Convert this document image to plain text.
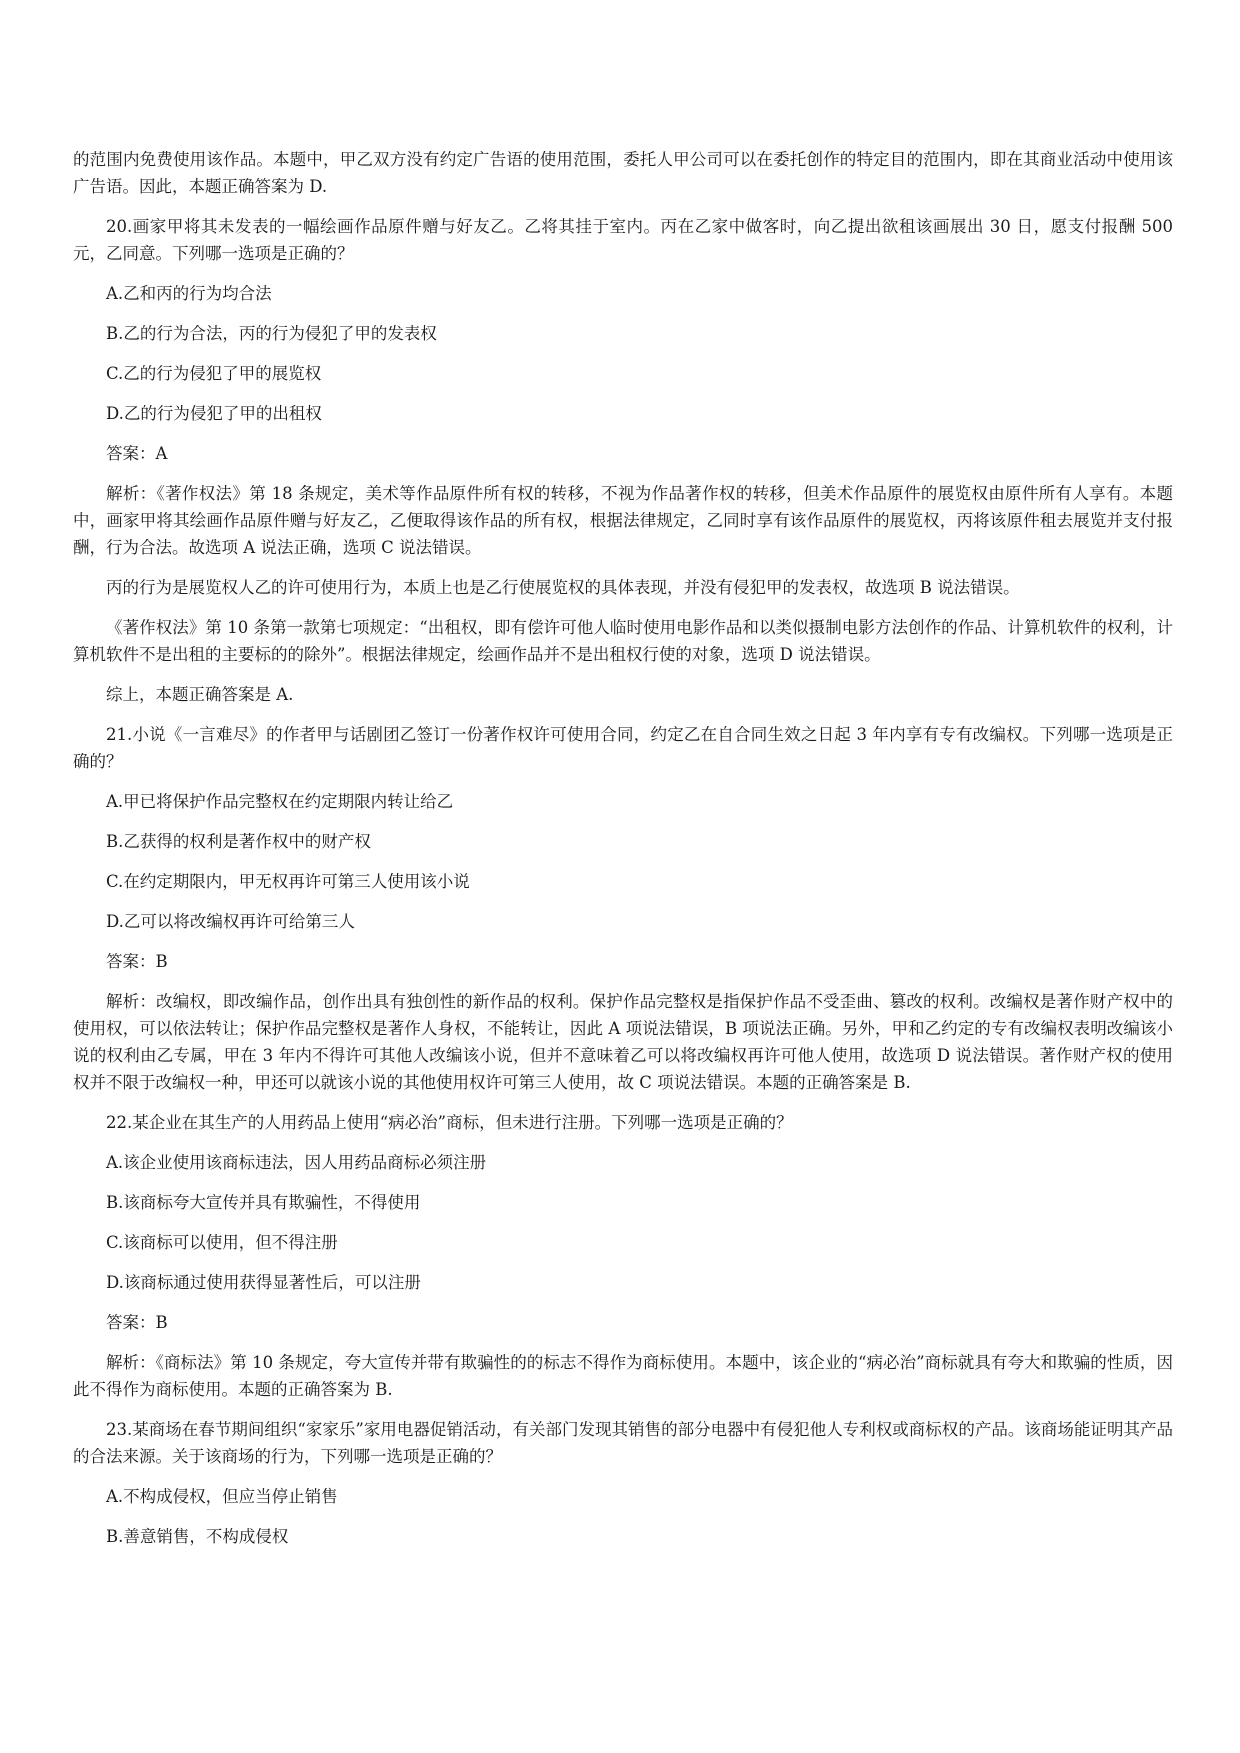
的范围内免费使用该作品。本题中，甲乙双方没有约定广告语的使用范围，委托人甲公司可以在委托创作的特定目的范围内，即在其商业活动中使用该广告语。因此，本题正确答案为 D.

20.画家甲将其未发表的一幅绘画作品原件赠与好友乙。乙将其挂于室内。丙在乙家中做客时，向乙提出欲租该画展出 30 日，愿支付报酬 500 元，乙同意。下列哪一选项是正确的？

A.乙和丙的行为均合法

B.乙的行为合法，丙的行为侵犯了甲的发表权

C.乙的行为侵犯了甲的展览权

D.乙的行为侵犯了甲的出租权

答案：A

解析：《著作权法》第 18 条规定，美术等作品原件所有权的转移，不视为作品著作权的转移，但美术作品原件的展览权由原件所有人享有。本题中，画家甲将其绘画作品原件赠与好友乙，乙便取得该作品的所有权，根据法律规定，乙同时享有该作品原件的展览权，丙将该原件租去展览并支付报酬，行为合法。故选项 A 说法正确，选项 C 说法错误。

丙的行为是展览权人乙的许可使用行为，本质上也是乙行使展览权的具体表现，并没有侵犯甲的发表权，故选项 B 说法错误。

《著作权法》第 10 条第一款第七项规定：“出租权，即有偿许可他人临时使用电影作品和以类似摄制电影方法创作的作品、计算机软件的权利，计算机软件不是出租的主要标的的除外”。根据法律规定，绘画作品并不是出租权行使的对象，选项 D 说法错误。

综上，本题正确答案是 A.

21.小说《一言难尽》的作者甲与话剧团乙签订一份著作权许可使用合同，约定乙在自合同生效之日起 3 年内享有专有改编权。下列哪一选项是正确的？

A.甲已将保护作品完整权在约定期限内转让给乙

B.乙获得的权利是著作权中的财产权

C.在约定期限内，甲无权再许可第三人使用该小说

D.乙可以将改编权再许可给第三人

答案：B

解析：改编权，即改编作品，创作出具有独创性的新作品的权利。保护作品完整权是指保护作品不受歪曲、篡改的权利。改编权是著作财产权中的使用权，可以依法转让；保护作品完整权是著作人身权，不能转让，因此 A 项说法错误，B 项说法正确。另外，甲和乙约定的专有改编权表明改编该小说的权利由乙专属，甲在 3 年内不得许可其他人改编该小说，但并不意味着乙可以将改编权再许可他人使用，故选项 D 说法错误。著作财产权的使用权并不限于改编权一种，甲还可以就该小说的其他使用权许可第三人使用，故 C 项说法错误。本题的正确答案是 B.

22.某企业在其生产的人用药品上使用“病必治”商标，但未进行注册。下列哪一选项是正确的？

A.该企业使用该商标违法，因人用药品商标必须注册

B.该商标夸大宣传并具有欺骗性，不得使用

C.该商标可以使用，但不得注册

D.该商标通过使用获得显著性后，可以注册

答案：B

解析：《商标法》第 10 条规定，夸大宣传并带有欺骗性的的标志不得作为商标使用。本题中，该企业的“病必治”商标就具有夸大和欺骗的性质，因此不得作为商标使用。本题的正确答案为 B.

23.某商场在春节期间组织“家家乐”家用电器促销活动，有关部门发现其销售的部分电器中有侵犯他人专利权或商标权的产品。该商场能证明其产品的合法来源。关于该商场的行为，下列哪一选项是正确的？

A.不构成侵权，但应当停止销售

B.善意销售，不构成侵权
